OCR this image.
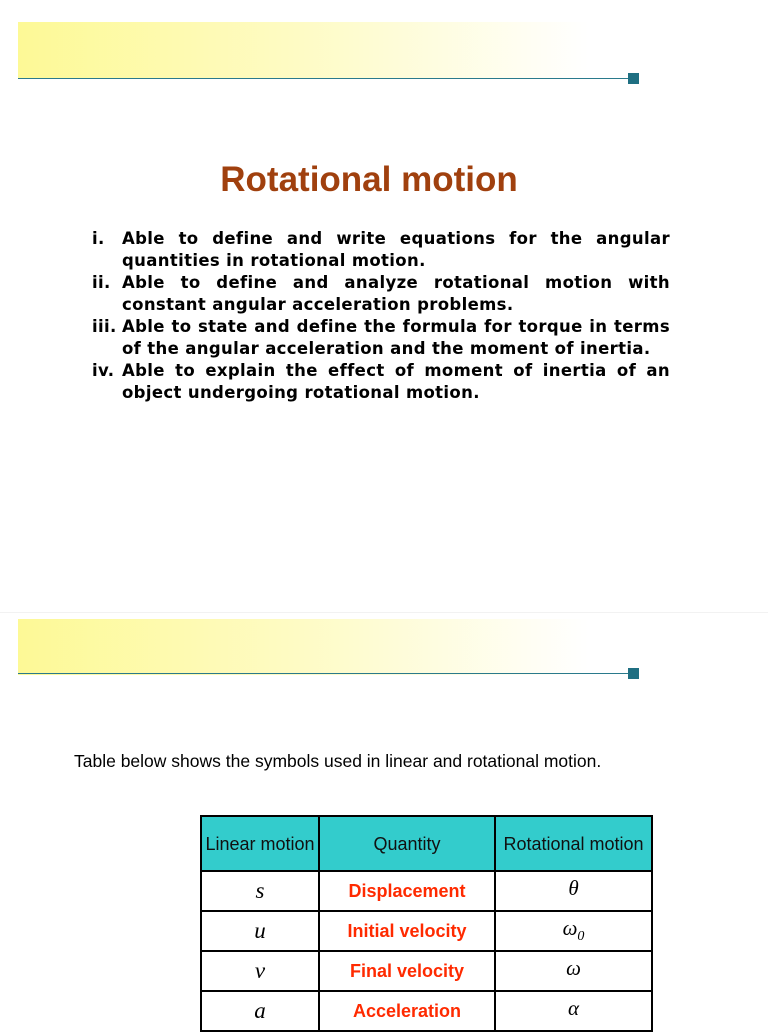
Rotational motion
i.	Able to define and write equations for the angular quantities in rotational motion.
ii. Able to define and analyze rotational motion with constant angular acceleration problems.
iii. Able to state and define the formula for torque in terms of the angular acceleration and the moment of inertia.
iv. Able to explain the effect of moment of inertia of an object undergoing rotational motion.
Table below shows the symbols used in linear and rotational motion.
Linear motion	Quantity	Rotational motion
s	Displacement	θ
u	Initial velocity	$\omega_0$
v	Final velocity	ω
a	Acceleration	α
